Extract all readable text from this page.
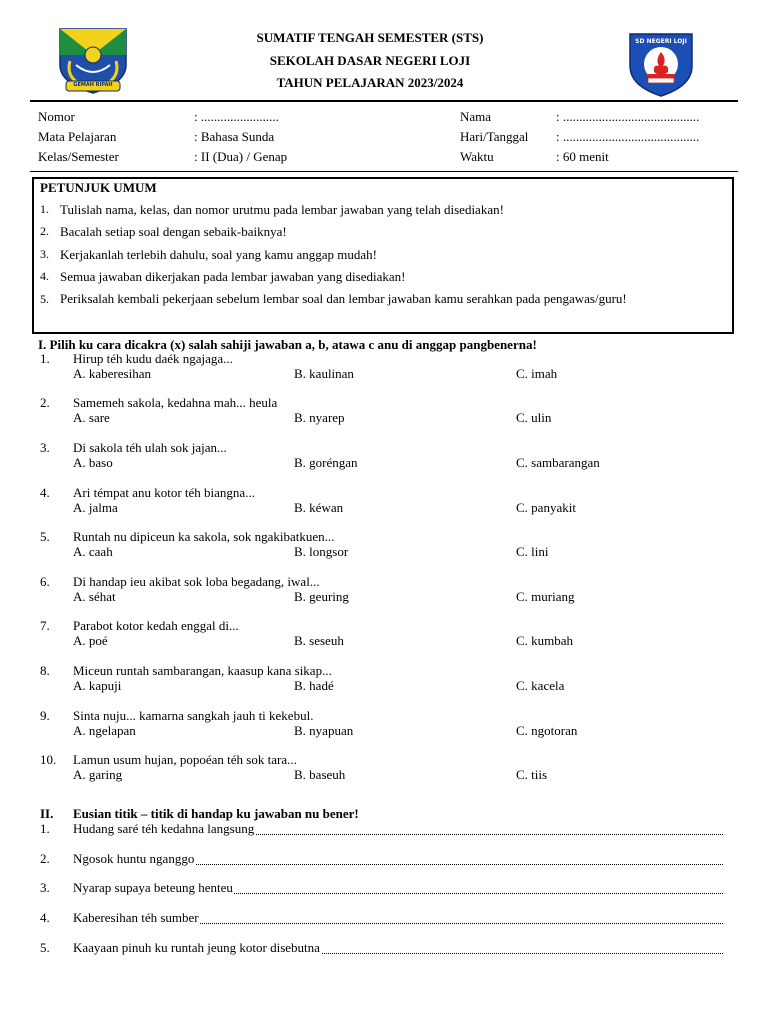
GEMAH RIPAH
SD NEGERI LOJI
SUMATIF TENGAH SEMESTER (STS)
SEKOLAH DASAR NEGERI LOJI
TAHUN PELAJARAN 2023/2024
Nomor	: ........................
Mata Pelajaran	: Bahasa Sunda
Kelas/Semester	: II (Dua) / Genap
Nama	: ..........................................
Hari/Tanggal : ..........................................
Waktu	: 60 menit
PETUNJUK UMUM
1. Tulislah nama, kelas, dan nomor urutmu pada lembar jawaban yang telah disediakan!
2. Bacalah setiap soal dengan sebaik-baiknya!
3. Kerjakanlah terlebih dahulu, soal yang kamu anggap mudah!
4. Semua jawaban dikerjakan pada lembar jawaban yang disediakan!
5. Periksalah kembali pekerjaan sebelum lembar soal dan lembar jawaban kamu serahkan pada pengawas/guru!
I. Pilih ku cara dicakra (x) salah sahiji jawaban a, b, atawa c anu di anggap pangbenerna!
1. Hirup téh kudu daék ngajaga...
A. kaberesihan	B. kaulinan	C. imah
2. Samemeh sakola, kedahna mah... heula
A. sare	B. nyarep	C. ulin
3. Di sakola téh ulah sok jajan...
A. baso	B. goréngan	C. sambarangan
4. Ari témpat anu kotor téh biangna...
A. jalma	B. kéwan	C. panyakit
5. Runtah nu dipiceun ka sakola, sok ngakibatkuen...
A. caah	B. longsor	C. lini
6. Di handap ieu akibat sok loba begadang, iwal...
A. séhat	B. geuring	C. muriang
7. Parabot kotor kedah enggal di...
A. poé	B. seseuh	C. kumbah
8. Miceun runtah sambarangan, kaasup kana sikap...
A. kapuji	B. hadé	C. kacela
9. Sinta nuju... kamarna sangkah jauh ti kekebul.
A. ngelapan	B. nyapuan	C. ngotoran
10. Lamun usum hujan, popoéan téh sok tara...
A. garing	B. baseuh	C. tiis
II. Eusian titik – titik di handap ku jawaban nu bener!
1. Hudang saré téh kedahna langsung
2. Ngosok huntu nganggo
3. Nyarap supaya beteung henteu
4. Kaberesihan téh sumber
5. Kaayaan pinuh ku runtah jeung kotor disebutna
